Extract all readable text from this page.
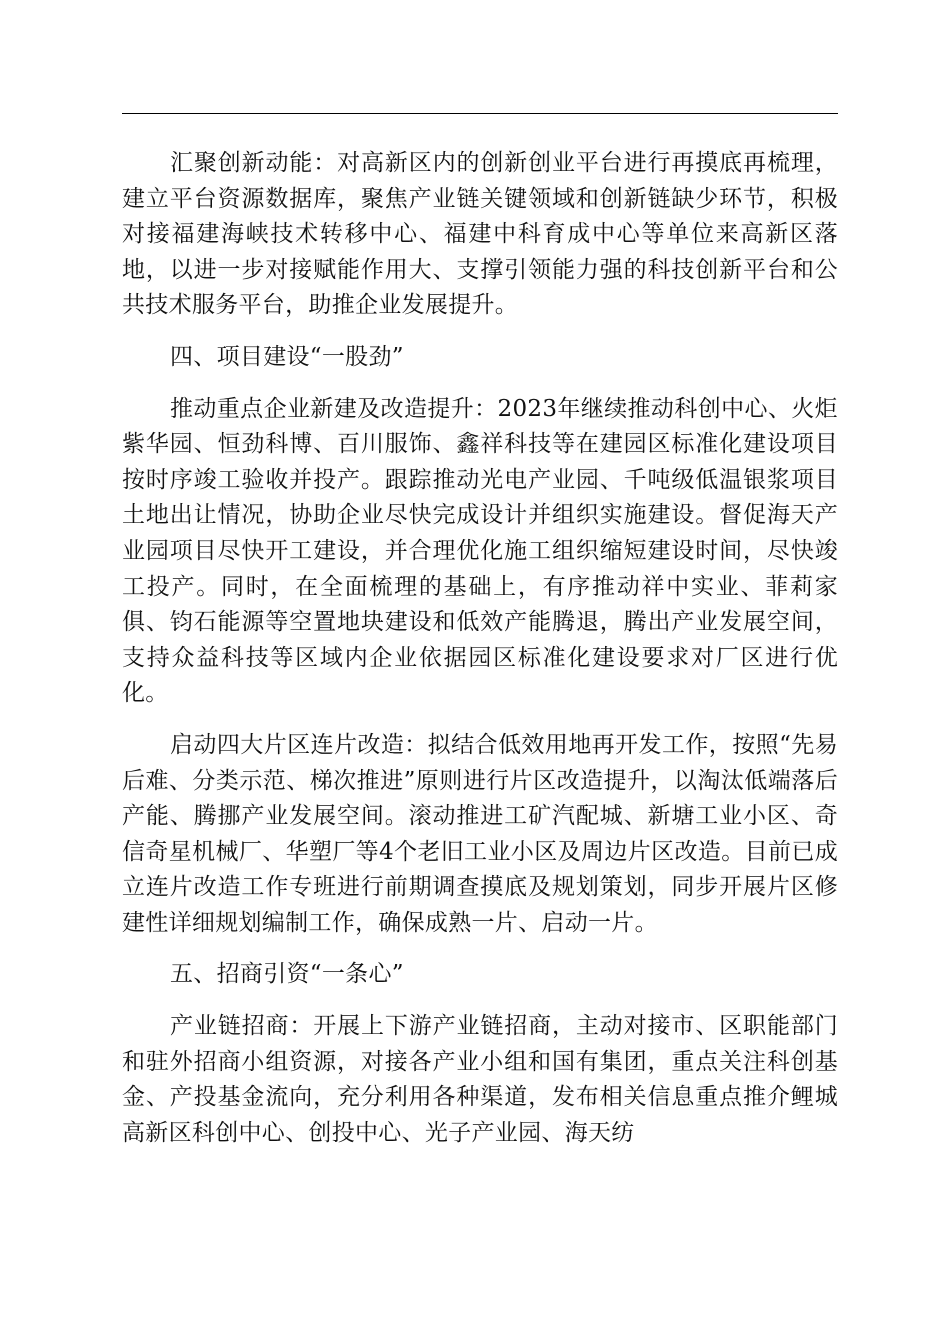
汇聚创新动能：对高新区内的创新创业平台进行再摸底再梳理，建立平台资源数据库，聚焦产业链关键领域和创新链缺少环节，积极对接福建海峡技术转移中心、福建中科育成中心等单位来高新区落地，以进一步对接赋能作用大、支撑引领能力强的科技创新平台和公共技术服务平台，助推企业发展提升。

四、项目建设“一股劲”

推动重点企业新建及改造提升：2023年继续推动科创中心、火炬紫华园、恒劲科博、百川服饰、鑫祥科技等在建园区标准化建设项目按时序竣工验收并投产。跟踪推动光电产业园、千吨级低温银浆项目土地出让情况，协助企业尽快完成设计并组织实施建设。督促海天产业园项目尽快开工建设，并合理优化施工组织缩短建设时间，尽快竣工投产。同时，在全面梳理的基础上，有序推动祥中实业、菲莉家俱、钧石能源等空置地块建设和低效产能腾退，腾出产业发展空间，支持众益科技等区域内企业依据园区标准化建设要求对厂区进行优化。

启动四大片区连片改造：拟结合低效用地再开发工作，按照“先易后难、分类示范、梯次推进”原则进行片区改造提升，以淘汰低端落后产能、腾挪产业发展空间。滚动推进工矿汽配城、新塘工业小区、奇信奇星机械厂、华塑厂等4个老旧工业小区及周边片区改造。目前已成立连片改造工作专班进行前期调查摸底及规划策划，同步开展片区修建性详细规划编制工作，确保成熟一片、启动一片。

五、招商引资“一条心”

产业链招商：开展上下游产业链招商，主动对接市、区职能部门和驻外招商小组资源，对接各产业小组和国有集团，重点关注科创基金、产投基金流向，充分利用各种渠道，发布相关信息重点推介鲤城高新区科创中心、创投中心、光子产业园、海天纺
